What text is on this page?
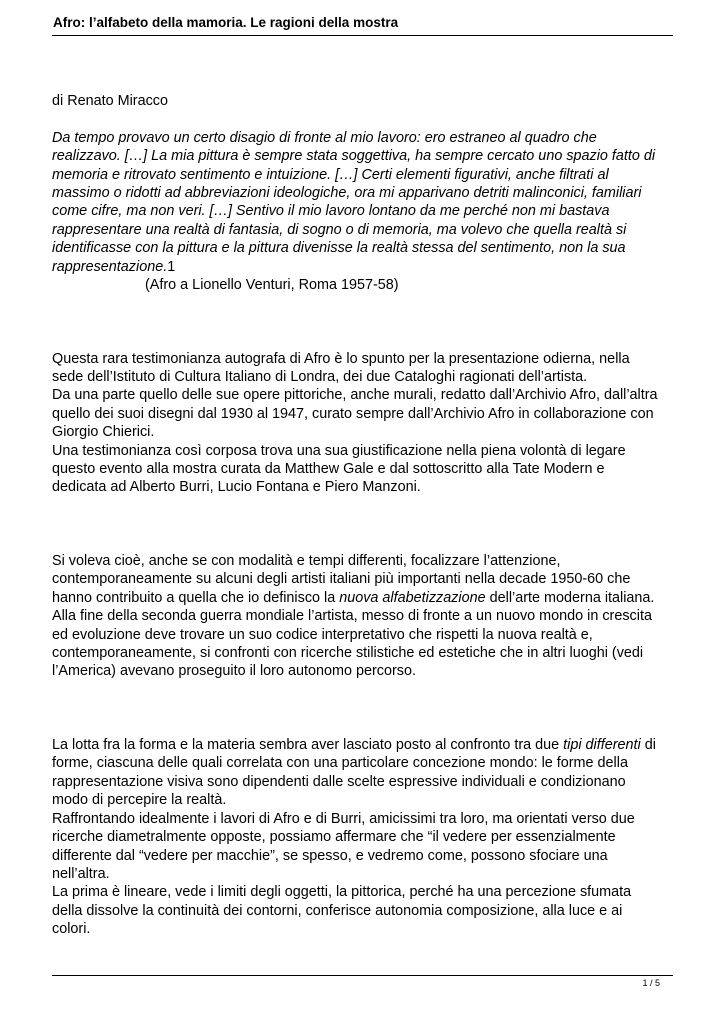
Afro: l’alfabeto della mamoria. Le ragioni della mostra
di Renato Miracco
Da tempo provavo un certo disagio di fronte al mio lavoro: ero estraneo al quadro che
realizzavo. […] La mia pittura è sempre stata soggettiva, ha sempre cercato uno spazio fatto di
memoria e ritrovato sentimento e intuizione. […] Certi elementi figurativi, anche filtrati al
massimo o ridotti ad abbreviazioni ideologiche, ora mi apparivano detriti malinconici, familiari
come cifre, ma non veri. […] Sentivo il mio lavoro lontano da me perché non mi bastava
rappresentare una realtà di fantasia, di sogno o di memoria, ma volevo che quella realtà si
identificasse con la pittura e la pittura divenisse la realtà stessa del sentimento, non la sua
rappresentazione.1
(Afro a Lionello Venturi, Roma 1957-58)
Questa rara testimonianza autografa di Afro è lo spunto per la presentazione odierna, nella
sede dell’Istituto di Cultura Italiano di Londra, dei due Cataloghi ragionati dell’artista.
Da una parte quello delle sue opere pittoriche, anche murali, redatto dall’Archivio Afro, dall’altra
quello dei suoi disegni dal 1930 al 1947, curato sempre dall’Archivio Afro in collaborazione con
Giorgio Chierici.
Una testimonianza così corposa trova una sua giustificazione nella piena volontà di legare
questo evento alla mostra curata da Matthew Gale e dal sottoscritto alla Tate Modern e
dedicata ad Alberto Burri, Lucio Fontana e Piero Manzoni.
Si voleva cioè, anche se con modalità e tempi differenti, focalizzare l’attenzione,
contemporaneamente su alcuni degli artisti italiani più importanti nella decade 1950-60 che
hanno contribuito a quella che io definisco la nuova alfabetizzazione dell’arte moderna italiana.
Alla fine della seconda guerra mondiale l’artista, messo di fronte a un nuovo mondo in crescita
ed evoluzione deve trovare un suo codice interpretativo che rispetti la nuova realtà e,
contemporaneamente, si confronti con ricerche stilistiche ed estetiche che in altri luoghi (vedi
l’America) avevano proseguito il loro autonomo percorso.
La lotta fra la forma e la materia sembra aver lasciato posto al confronto tra due tipi differenti di
forme, ciascuna delle quali correlata con una particolare concezione mondo: le forme della
rappresentazione visiva sono dipendenti dalle scelte espressive individuali e condizionano
modo di percepire la realtà.
Raffrontando idealmente i lavori di Afro e di Burri, amicissimi tra loro, ma orientati verso due
ricerche diametralmente opposte, possiamo affermare che “il vedere per essenzialmente
differente dal “vedere per macchie”, se spesso, e vedremo come, possono sfociare una
nell’altra.
La prima è lineare, vede i limiti degli oggetti, la pittorica, perché ha una percezione sfumata
della dissolve la continuità dei contorni, conferisce autonomia composizione, alla luce e ai
colori.
1 / 5
